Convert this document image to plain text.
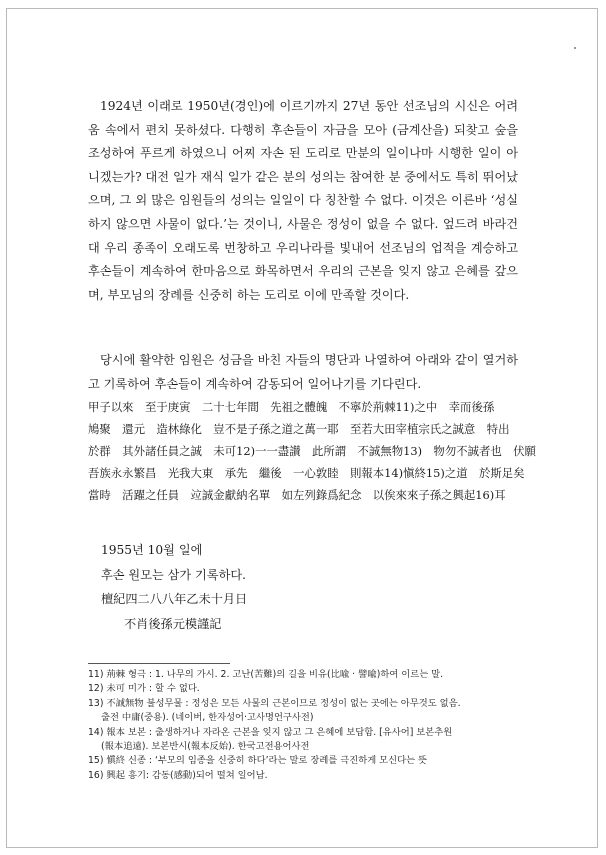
1924년 이래로 1950년(경인)에 이르기까지 27년 동안 선조님의 시신은 어려움 속에서 편치 못하셨다. 다행히 후손들이 자금을 모아 (금계산을) 되찾고 숲을 조성하여 푸르게 하였으니 어찌 자손 된 도리로 만분의 일이나마 시행한 일이 아니겠는가? 대전 일가 재식 일가 같은 분의 성의는 참여한 분 중에서도 특히 뛰어났으며, 그 외 많은 임원들의 성의는 일일이 다 칭찬할 수 없다. 이것은 이른바 ‘성실하지 않으면 사물이 없다.’는 것이니, 사물은 정성이 없을 수 없다. 엎드려 바라건대 우리 종족이 오래도록 번창하고 우리나라를 빛내어 선조님의 업적을 계승하고 후손들이 계속하여 한마음으로 화목하면서 우리의 근본을 잊지 않고 은혜를 갚으며, 부모님의 장례를 신중히 하는 도리로 이에 만족할 것이다.

당시에 활약한 임원은 성금을 바친 자들의 명단과 나열하여 아래와 같이 열거하고 기록하여 후손들이 계속하여 감동되어 일어나기를 기다린다.

甲子以來　至于庚寅　二十七年間　先祖之體魄　不寧於荊棘11)之中　幸而後孫
鳩聚　還元　造林綠化　豈不是子孫之道之萬一耶　至若大田宰植宗氏之誠意　特出
於群　其外諸任員之誠　未可12)一一盡讃　此所謂　不誠無物13)　物勿不誠者也　伏願
吾族永永繁昌　光我大東　承先　繼後　一心敦睦　則報本14)愼終15)之道　於斯足矣
當時　活躍之任員　竝誠金獻納名單　如左列錄爲紀念　以俟來來子孫之興起16)耳
1955년 10월 일에
후손 원모는 삼가 기록하다.
檀紀四二八八年乙未十月日
不肖後孫元模謹記
11) 荊棘 형극 : 1. 나무의 가시. 2. 고난(苦難)의 길을 비유(比喩 · 譬喩)하여 이르는 말.
12) 未可 미가 : 할 수 없다.
13) 不誠無物 불성무물 : 정성은 모든 사물의 근본이므로 정성이 없는 곳에는 아무것도 없음.
출전 中庸(중용). (네이버, 한자성어·고사명언구사전)
14) 報本 보본 : 출생하거나 자라온 근본을 잊지 않고 그 은혜에 보답함. [유사어] 보본추원
(報本追遠). 보본반시(報本反始). 한국고전용어사전
15) 愼終 신종 : ‘부모의 임종을 신중히 하다’라는 말로 장례를 극진하게 모신다는 뜻
16) 興起 흥기: 감동(感動)되어 떨쳐 일어남.
